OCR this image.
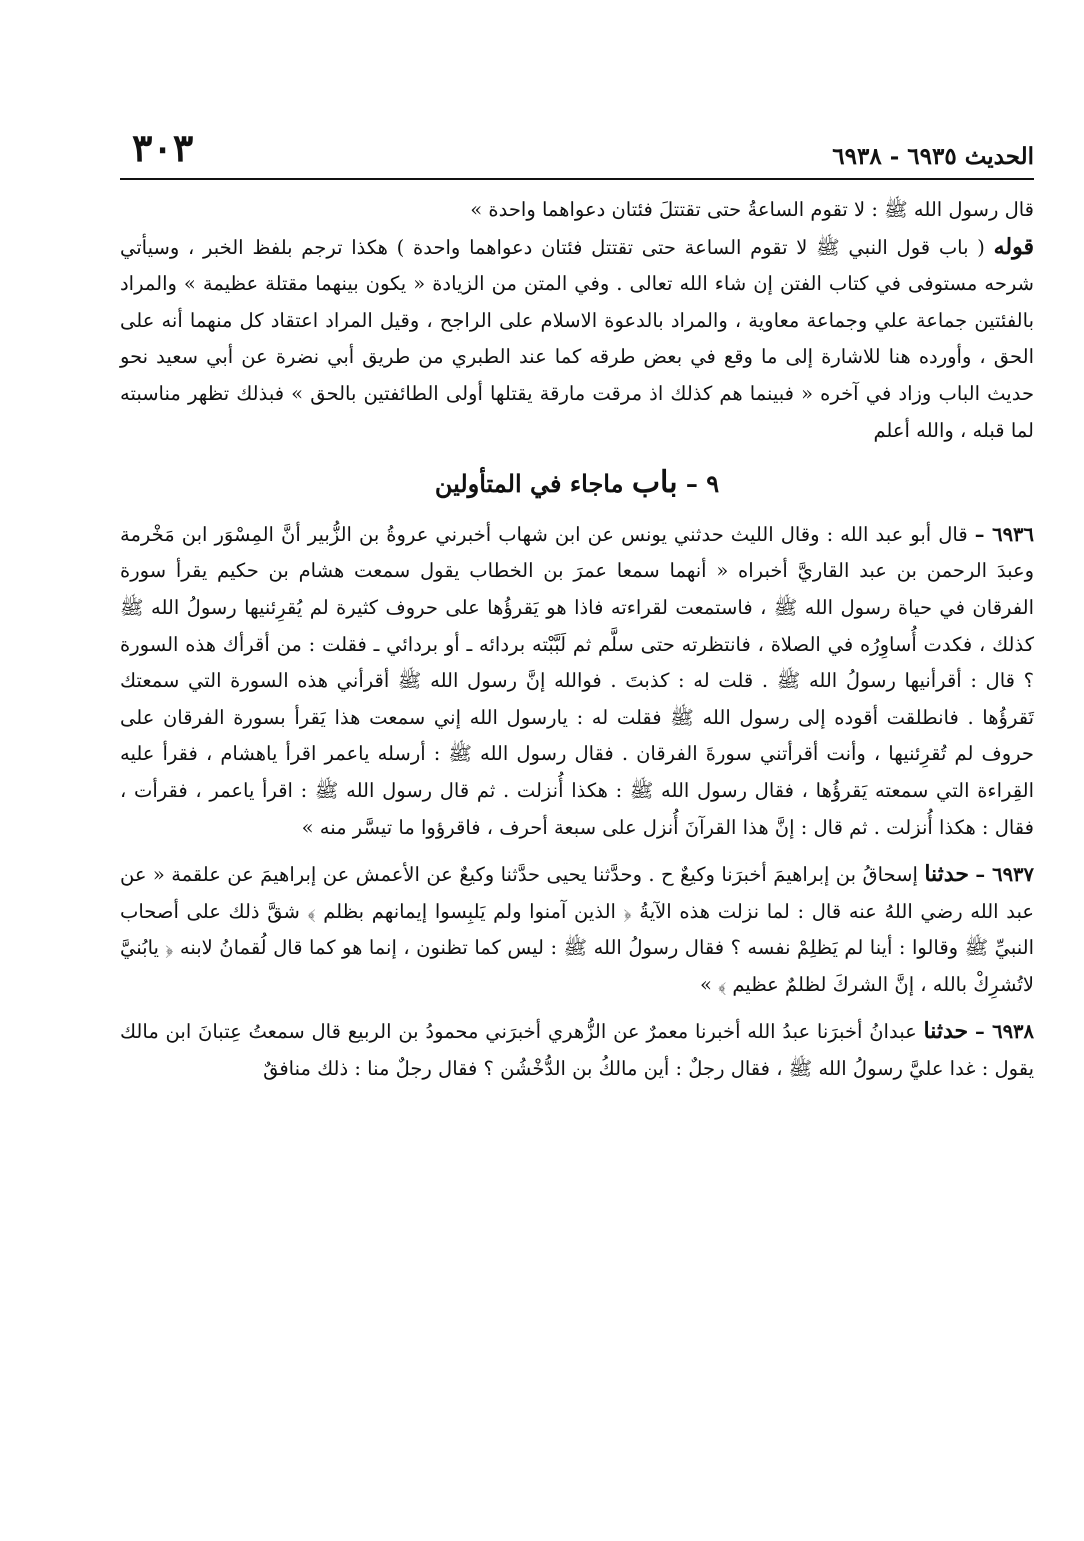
الحديث ٦٩٣٥ - ٦٩٣٨
٣٠٣

قال رسول الله ﷺ : لا تقوم الساعةُ حتى تقتتلَ فئتان دعواهما واحدة »

قوله ( باب قول النبي ﷺ لا تقوم الساعة حتى تقتتل فئتان دعواهما واحدة ) هكذا ترجم بلفظ الخبر ، وسيأتي شرحه مستوفى في كتاب الفتن إن شاء الله تعالى . وفي المتن من الزيادة « يكون بينهما مقتلة عظيمة » والمراد بالفئتين جماعة علي وجماعة معاوية ، والمراد بالدعوة الاسلام على الراجح ، وقيل المراد اعتقاد كل منهما أنه على الحق ، وأورده هنا للاشارة إلى ما وقع في بعض طرقه كما عند الطبري من طريق أبي نضرة عن أبي سعيد نحو حديث الباب وزاد في آخره « فبينما هم كذلك اذ مرقت مارقة يقتلها أولى الطائفتين بالحق » فبذلك تظهر مناسبته لما قبله ، والله أعلم

٩ – باب ماجاء في المتأولين

٦٩٣٦ – قال أبو عبد الله : وقال الليث حدثني يونس عن ابن شهاب أخبرني عروةُ بن الزُّبير أنَّ المِسْوَر ابن مَخْرمة وعبدَ الرحمن بن عبد القاريَّ أخبراه « أنهما سمعا عمرَ بن الخطاب يقول سمعت هشام بن حكيم يقرأ سورة الفرقان في حياة رسول الله ﷺ ، فاستمعت لقراءته فاذا هو يَقرؤُها على حروف كثيرة لم يُقرِئنيها رسولُ الله ﷺ كذلك ، فكدت أُساوِرُه في الصلاة ، فانتظرته حتى سلَّم ثم لَبَّبْته بردائه ـ أو بردائي ـ فقلت : من أقرأك هذه السورة ؟ قال : أقرأنيها رسولُ الله ﷺ . قلت له : كذبتَ . فوالله إنَّ رسول الله ﷺ أقرأني هذه السورة التي سمعتك تَقرؤُها . فانطلقت أقوده إلى رسول الله ﷺ فقلت له : يارسول الله إني سمعت هذا يَقرأ بسورة الفرقان على حروف لم تُقرِئنيها ، وأنت أقرأتني سورةَ الفرقان . فقال رسول الله ﷺ : أرسله ياعمر اقرأ ياهشام ، فقرأ عليه القِراءة التي سمعته يَقرؤُها ، فقال رسول الله ﷺ : هكذا أُنزلت . ثم قال رسول الله ﷺ : اقرأ ياعمر ، فقرأت ، فقال : هكذا أُنزلت . ثم قال : إنَّ هذا القرآنَ أُنزل على سبعة أحرف ، فاقرؤوا ما تيسَّر منه »

٦٩٣٧ – حدثنا إسحاقُ بن إبراهيمَ أخبرَنا وكيعٌ ح . وحدَّثنا يحيى حدَّثنا وكيعٌ عن الأعمش عن إبراهيمَ عن علقمة « عن عبد الله رضي اللهُ عنه قال : لما نزلت هذه الآيةُ ﴿ الذين آمنوا ولم يَلبِسوا إيمانهم بظلم ﴾ شقَّ ذلك على أصحاب النبيِّ ﷺ وقالوا : أينا لم يَظلِمْ نفسه ؟ فقال رسولُ الله ﷺ : ليس كما تظنون ، إنما هو كما قال لُقمانُ لابنه ﴿ يابُنيَّ لاتُشرِكْ بالله ، إنَّ الشركَ لظلمٌ عظيم ﴾ »

٦٩٣٨ – حدثنا عبدانُ أخبرَنا عبدُ الله أخبرنا معمرٌ عن الزُّهري أخبرَني محمودُ بن الربيع قال سمعتُ عِتبانَ ابن مالك يقول : غدا عليَّ رسولُ الله ﷺ ، فقال رجلٌ : أين مالكُ بن الدُّخْشُن ؟ فقال رجلٌ منا : ذلك منافقٌ
